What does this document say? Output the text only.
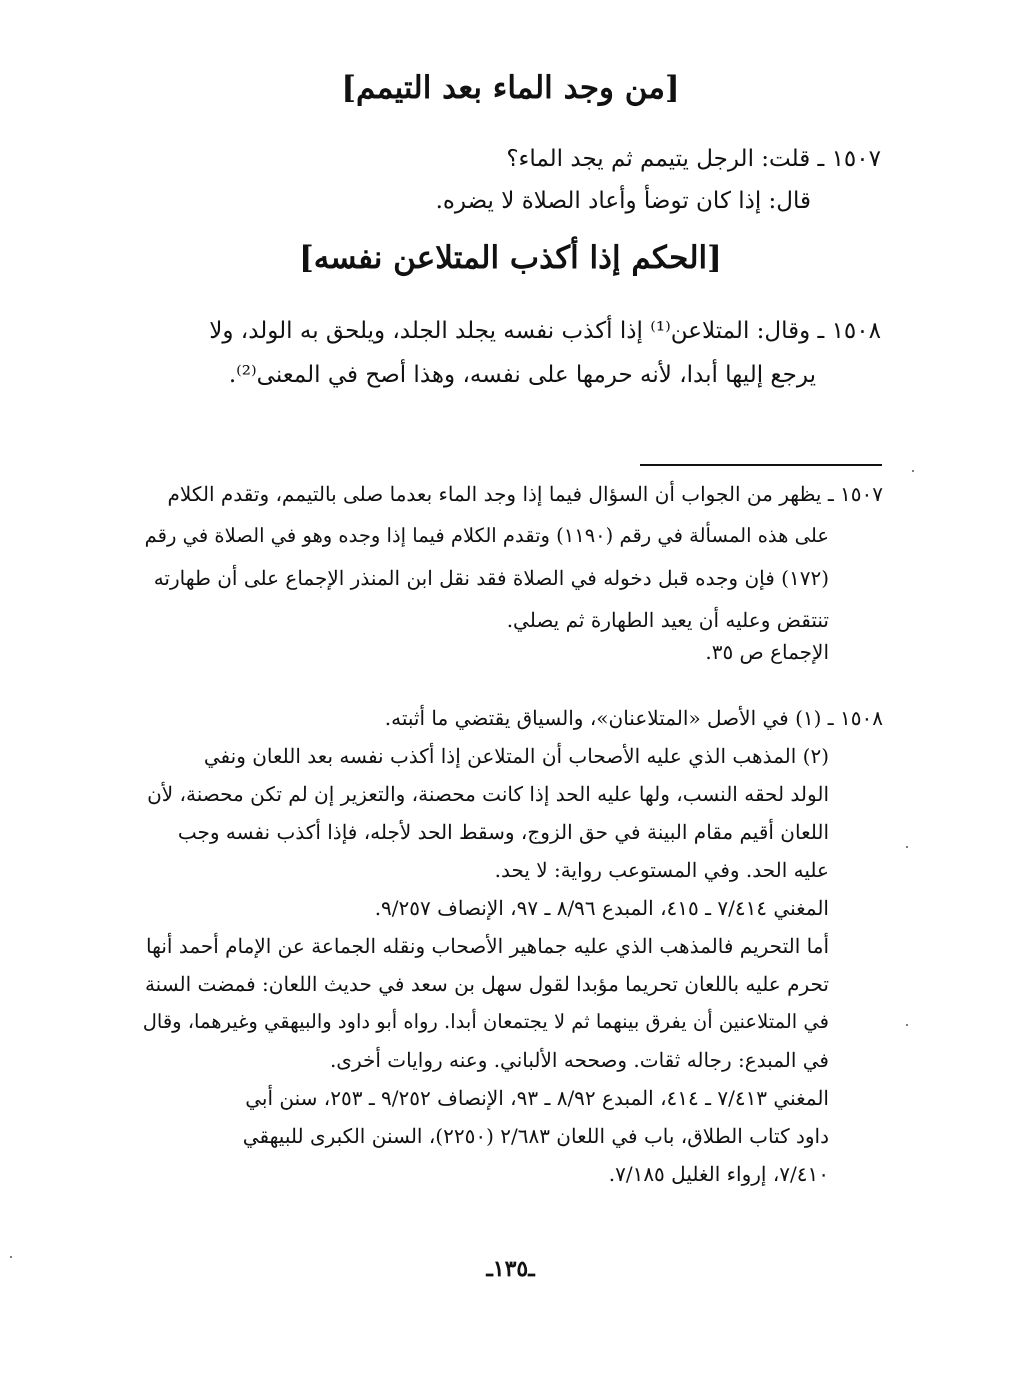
[من وجد الماء بعد التيمم]
١٥٠٧ ـ قلت: الرجل يتيمم ثم يجد الماء؟
قال: إذا كان توضأ وأعاد الصلاة لا يضره.
[الحكم إذا أكذب المتلاعن نفسه]
١٥٠٨ ـ وقال: المتلاعن⁽¹⁾ إذا أكذب نفسه يجلد الجلد، ويلحق به الولد، ولا
يرجع إليها أبدا، لأنه حرمها على نفسه، وهذا أصح في المعنى⁽²⁾.
١٥٠٧ ـ يظهر من الجواب أن السؤال فيما إذا وجد الماء بعدما صلى بالتيمم، وتقدم الكلام
على هذه المسألة في رقم (١١٩٠) وتقدم الكلام فيما إذا وجده وهو في الصلاة في رقم
(١٧٢) فإن وجده قبل دخوله في الصلاة فقد نقل ابن المنذر الإجماع على أن طهارته
تنتقض وعليه أن يعيد الطهارة ثم يصلي.
الإجماع ص ٣٥.
١٥٠٨ ـ (١) في الأصل «المتلاعنان»، والسياق يقتضي ما أثبته.
(٢) المذهب الذي عليه الأصحاب أن المتلاعن إذا أكذب نفسه بعد اللعان ونفي
الولد لحقه النسب، ولها عليه الحد إذا كانت محصنة، والتعزير إن لم تكن محصنة، لأن
اللعان أقيم مقام البينة في حق الزوج، وسقط الحد لأجله، فإذا أكذب نفسه وجب
عليه الحد. وفي المستوعب رواية: لا يحد.
المغني ٧/٤١٤ ـ ٤١٥، المبدع ٨/٩٦ ـ ٩٧، الإنصاف ٩/٢٥٧.
أما التحريم فالمذهب الذي عليه جماهير الأصحاب ونقله الجماعة عن الإمام أحمد أنها
تحرم عليه باللعان تحريما مؤبدا لقول سهل بن سعد في حديث اللعان: فمضت السنة
في المتلاعنين أن يفرق بينهما ثم لا يجتمعان أبدا. رواه أبو داود والبيهقي وغيرهما، وقال
في المبدع: رجاله ثقات. وصححه الألباني. وعنه روايات أخرى.
المغني ٧/٤١٣ ـ ٤١٤، المبدع ٨/٩٢ ـ ٩٣، الإنصاف ٩/٢٥٢ ـ ٢٥٣، سنن أبي
داود كتاب الطلاق، باب في اللعان ٢/٦٨٣ (٢٢٥٠)، السنن الكبرى للبيهقي
٧/٤١٠، إرواء الغليل ٧/١٨٥.
ـ١٣٥ـ
